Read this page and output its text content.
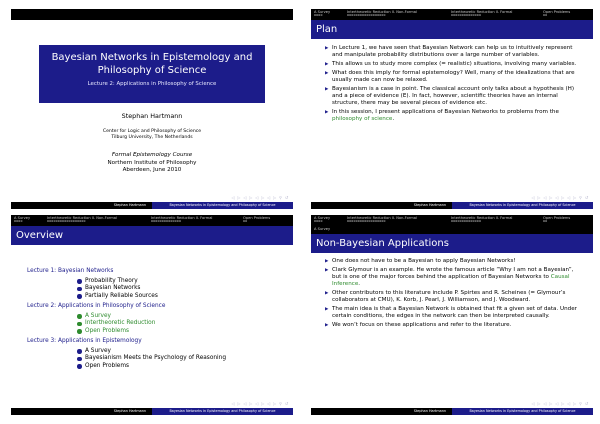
Bayesian Networks in Epistemology and Philosophy of Science
Lecture 2: Applications in Philosophy of Science
Stephan Hartmann
Center for Logic and Philosophy of Science
Tilburg University, The Netherlands
Formal Epistemology Course
Northern Institute of Philosophy
Aberdeen, June 2010
◁ ▷ ◁ ▷ ◁ ▷ ◁ ▷ ⚲ ↺
Stephan Hartmann	Bayesian Networks in Epistemology and Philosophy of Science
A Survey
oooo
Intertheoretic Reduction II. Non-Formal
oooooooooooooooooo
Intertheoretic Reduction II. Formal
oooooooooooooo
Open Problems
oo
Plan
▶ In Lecture 1, we have seen that Bayesian Network can help us to intuitively represent and manipulate probability distributions over a large number of variables.
▶ This allows us to study more complex (= realistic) situations, involving many variables.
▶ What does this imply for formal epistemology? Well, many of the idealizations that are usually made can now be relaxed.
▶ Bayesianism is a case in point. The classical account only talks about a hypothesis (H) and a piece of evidence (E). In fact, however, scientific theories have an internal structure, there may be several pieces of evidence etc.
▶ In this session, I present applications of Bayesian Networks to problems from the philosophy of science.
◁ ▷ ◁ ▷ ◁ ▷ ◁ ▷ ⚲ ↺
Stephan Hartmann	Bayesian Networks in Epistemology and Philosophy of Science
A Survey
oooo
Intertheoretic Reduction II. Non-Formal
oooooooooooooooooo
Intertheoretic Reduction II. Formal
oooooooooooooo
Open Problems
oo
Overview
Lecture 1: Bayesian Networks
Probability Theory
Bayesian Networks
Partially Reliable Sources
Lecture 2: Applications in Philosophy of Science
A Survey
Intertheoretic Reduction
Open Problems
Lecture 3: Applications in Epistemology
A Survey
Bayesianism Meets the Psychology of Reasoning
Open Problems
◁ ▷ ◁ ▷ ◁ ▷ ◁ ▷ ⚲ ↺
Stephan Hartmann	Bayesian Networks in Epistemology and Philosophy of Science
A Survey
oooo
Intertheoretic Reduction II. Non-Formal
oooooooooooooooooo
Intertheoretic Reduction II. Formal
oooooooooooooo
Open Problems
oo
A Survey
Non-Bayesian Applications
▶ One does not have to be a Bayesian to apply Bayesian Networks!
▶ Clark Glymour is an example. He wrote the famous article “Why I am not a Bayesian”, but is one of the major forces behind the application of Bayesian Networks to Causal Inference.
▶ Other contributors to this literature include P. Spirtes and R. Scheines (= Glymour’s collaborators at CMU), K. Korb, J. Pearl, J. Williamson, and J. Woodward.
▶ The main idea is that a Bayesian Network is obtained that fit a given set of data. Under certain conditions, the edges in the network can then be interpreted causally.
▶ We won’t focus on these applications and refer to the literature.
◁ ▷ ◁ ▷ ◁ ▷ ◁ ▷ ⚲ ↺
Stephan Hartmann	Bayesian Networks in Epistemology and Philosophy of Science
